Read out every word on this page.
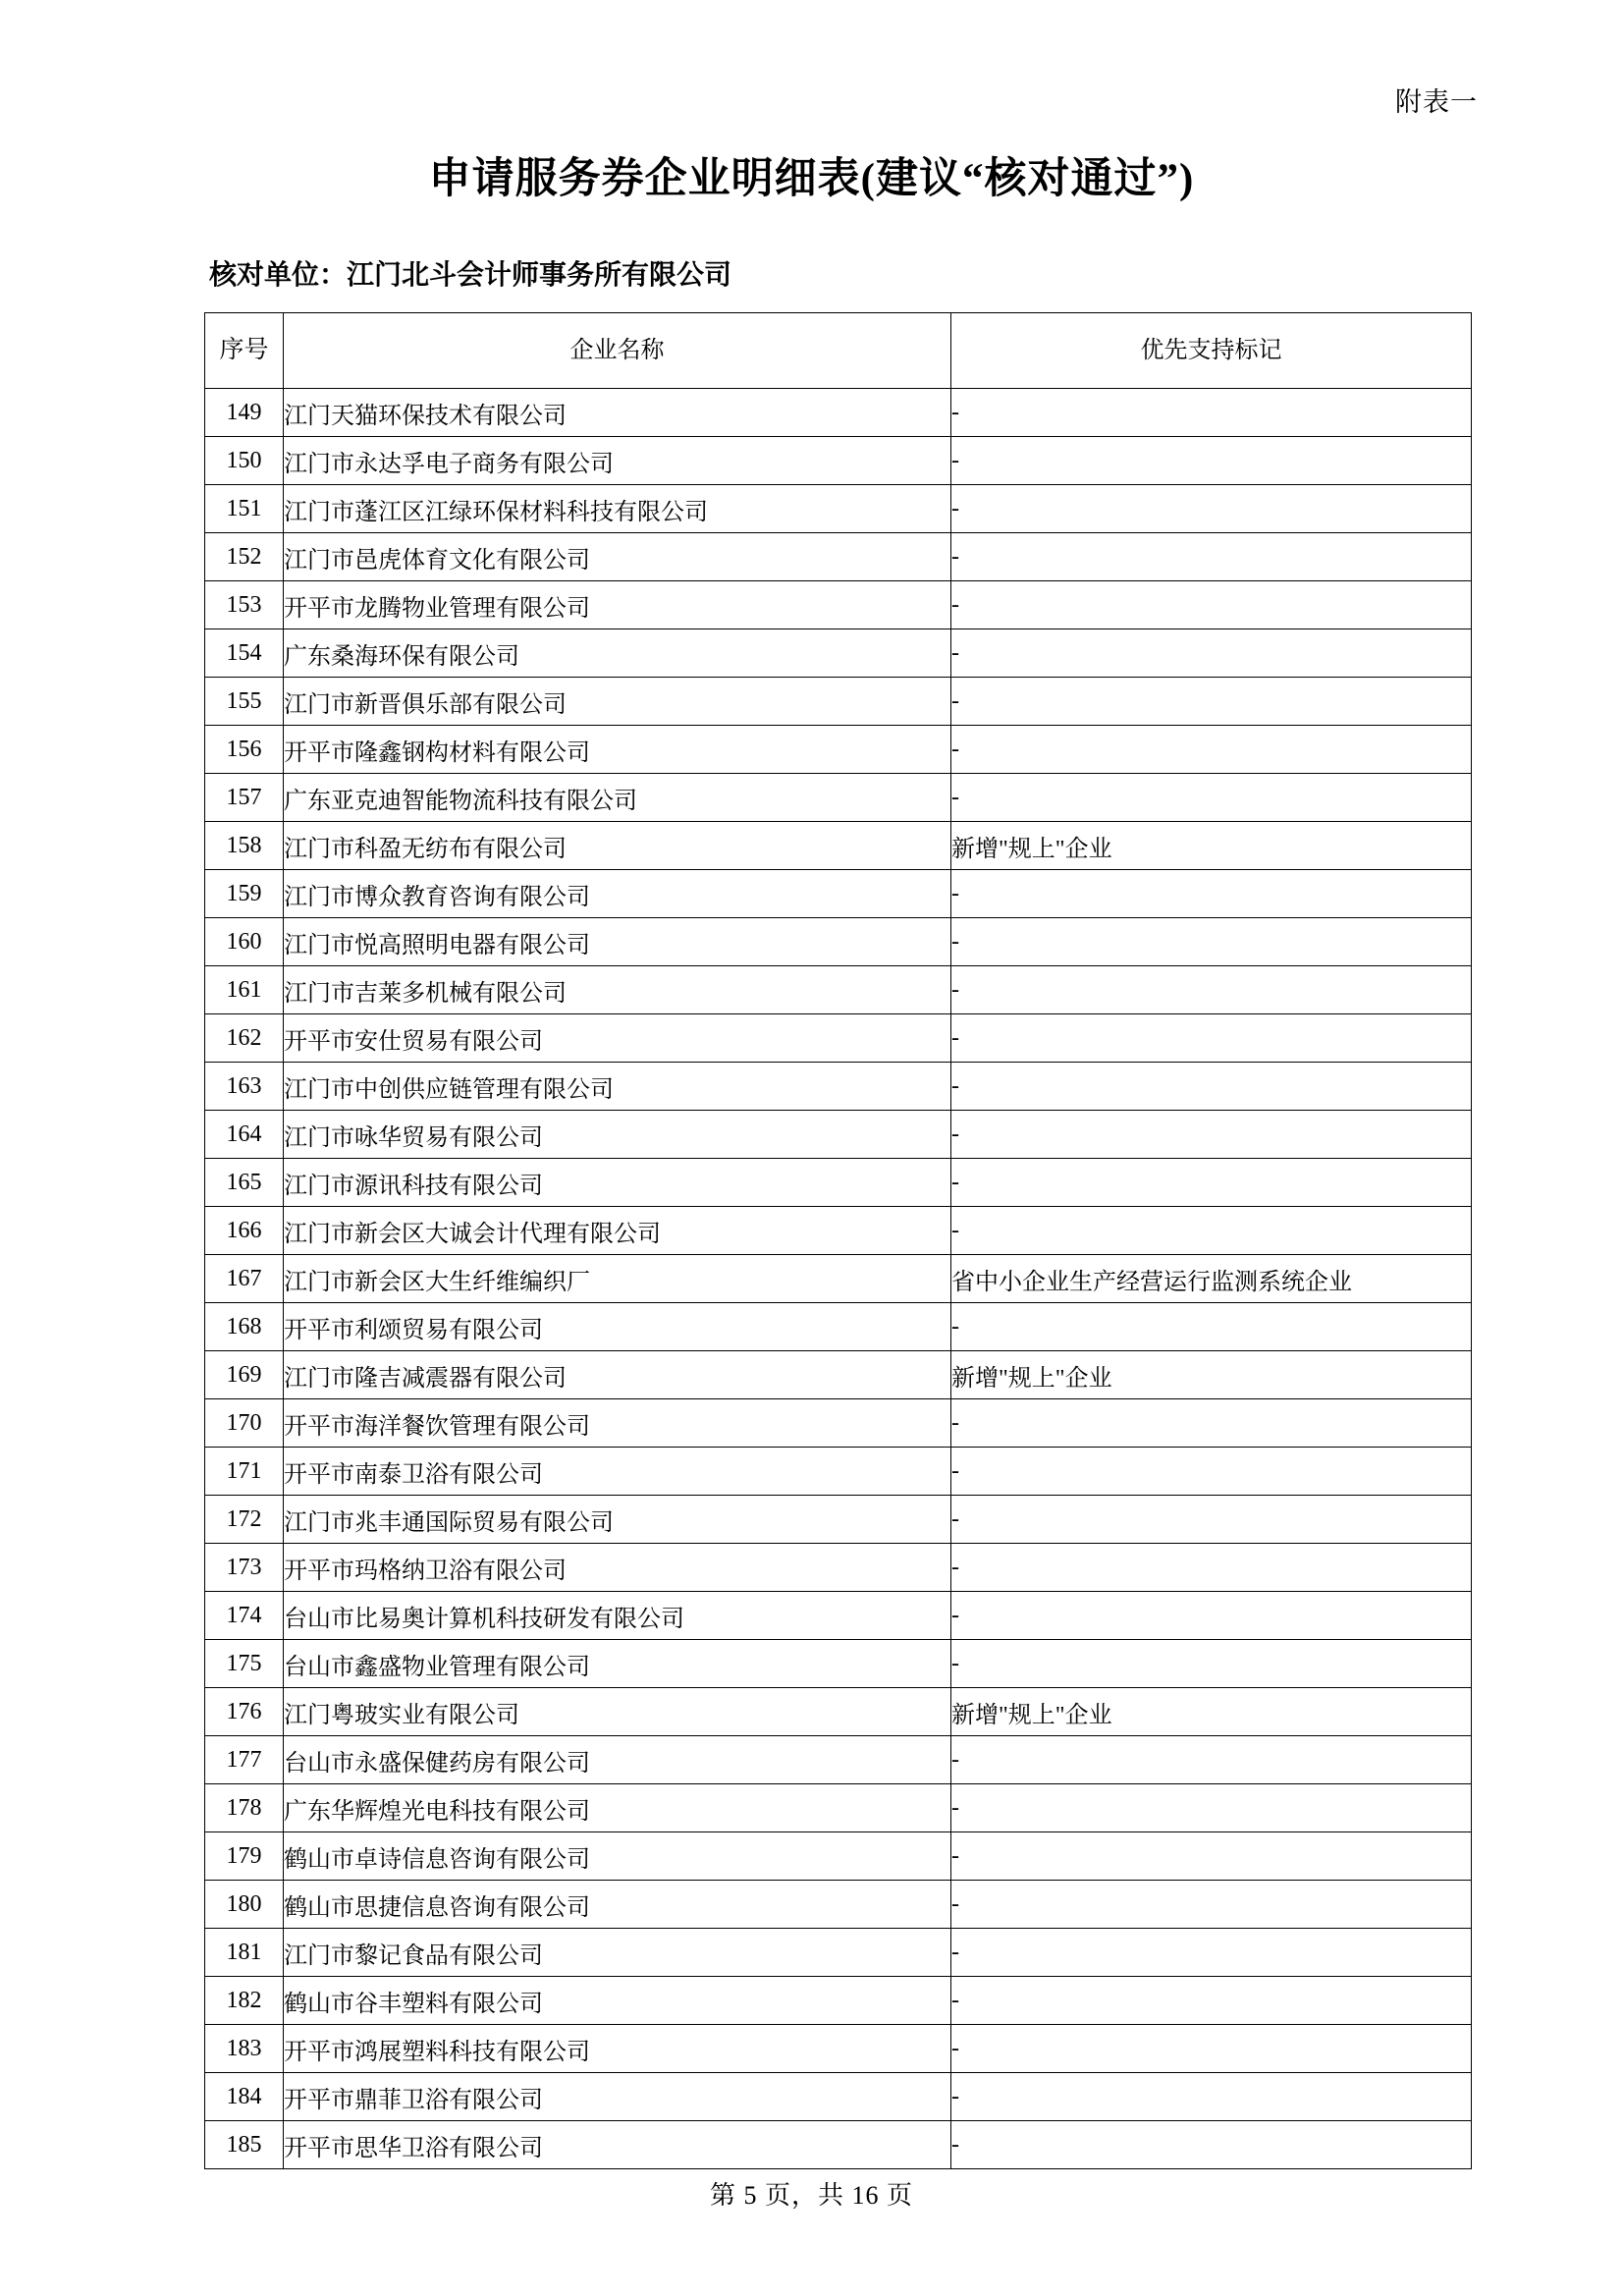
附表一
申请服务券企业明细表(建议“核对通过”)
核对单位：江门北斗会计师事务所有限公司
序号	企业名称	优先支持标记
149	江门天猫环保技术有限公司	-
150	江门市永达孚电子商务有限公司	-
151	江门市蓬江区江绿环保材料科技有限公司	-
152	江门市邑虎体育文化有限公司	-
153	开平市龙腾物业管理有限公司	-
154	广东桑海环保有限公司	-
155	江门市新晋俱乐部有限公司	-
156	开平市隆鑫钢构材料有限公司	-
157	广东亚克迪智能物流科技有限公司	-
158	江门市科盈无纺布有限公司	新增"规上"企业
159	江门市博众教育咨询有限公司	-
160	江门市悦高照明电器有限公司	-
161	江门市吉莱多机械有限公司	-
162	开平市安仕贸易有限公司	-
163	江门市中创供应链管理有限公司	-
164	江门市咏华贸易有限公司	-
165	江门市源讯科技有限公司	-
166	江门市新会区大诚会计代理有限公司	-
167	江门市新会区大生纤维编织厂	省中小企业生产经营运行监测系统企业
168	开平市利颂贸易有限公司	-
169	江门市隆吉减震器有限公司	新增"规上"企业
170	开平市海洋餐饮管理有限公司	-
171	开平市南泰卫浴有限公司	-
172	江门市兆丰通国际贸易有限公司	-
173	开平市玛格纳卫浴有限公司	-
174	台山市比易奥计算机科技研发有限公司	-
175	台山市鑫盛物业管理有限公司	-
176	江门粤玻实业有限公司	新增"规上"企业
177	台山市永盛保健药房有限公司	-
178	广东华辉煌光电科技有限公司	-
179	鹤山市卓诗信息咨询有限公司	-
180	鹤山市思捷信息咨询有限公司	-
181	江门市黎记食品有限公司	-
182	鹤山市谷丰塑料有限公司	-
183	开平市鸿展塑料科技有限公司	-
184	开平市鼎菲卫浴有限公司	-
185	开平市思华卫浴有限公司	-
第 5 页，共 16 页
